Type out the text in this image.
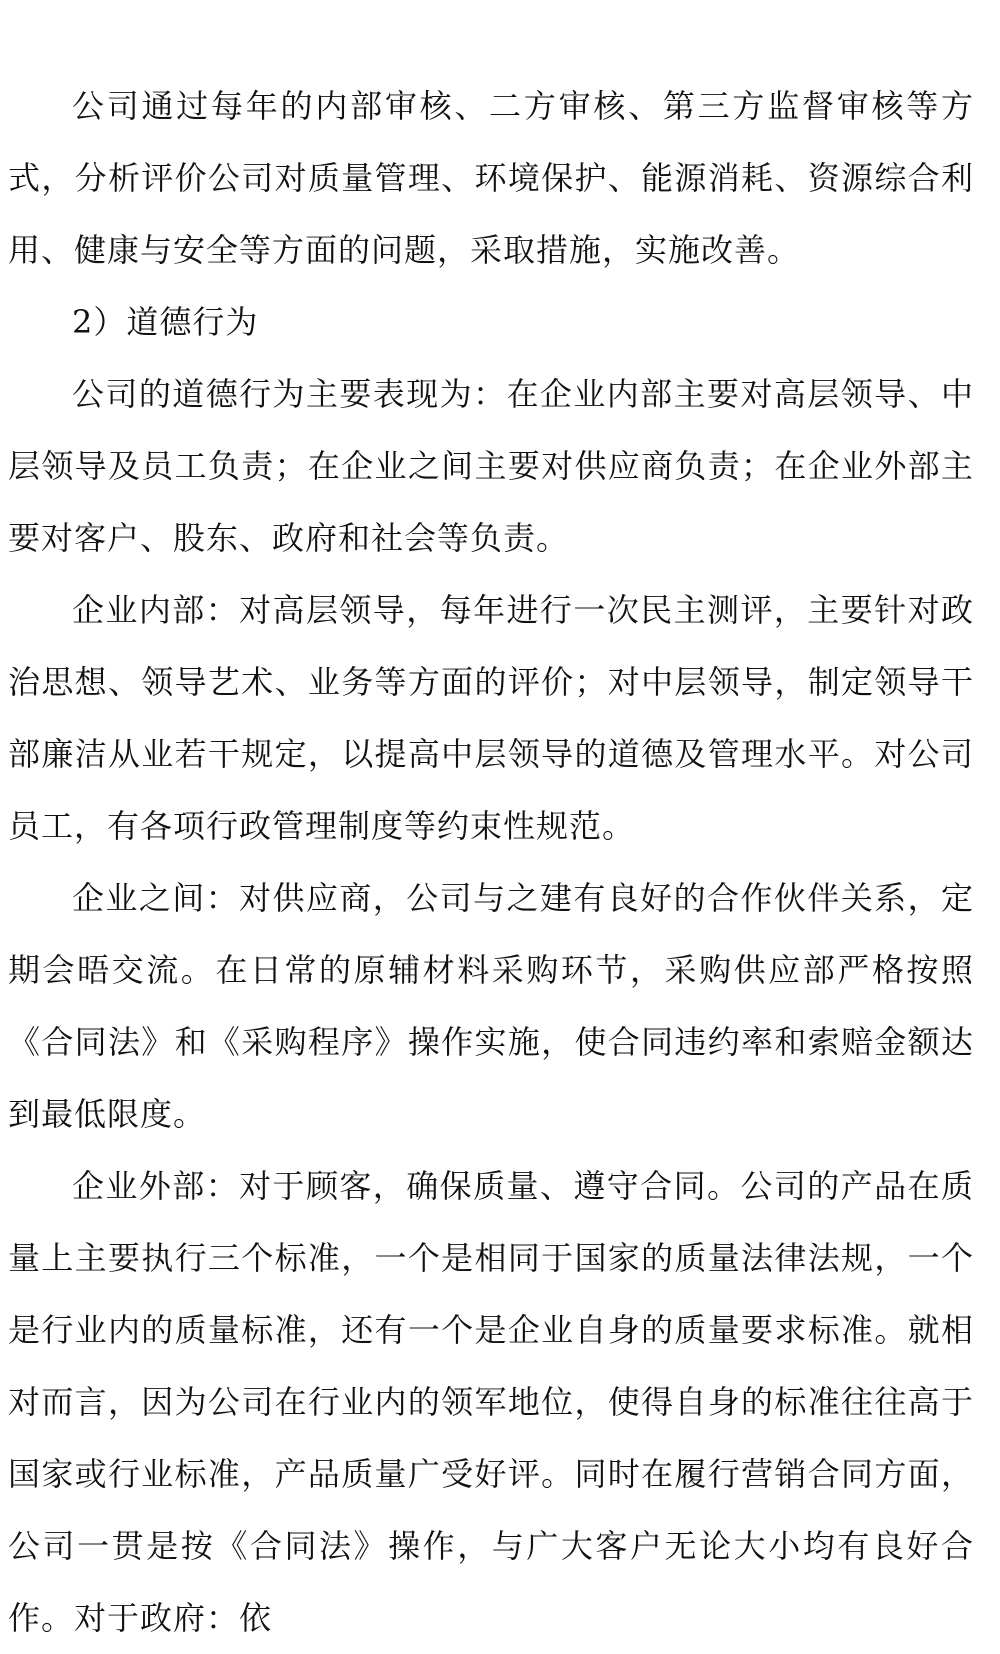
公司通过每年的内部审核、二方审核、第三方监督审核等方式，分析评价公司对质量管理、环境保护、能源消耗、资源综合利用、健康与安全等方面的问题，采取措施，实施改善。

2）道德行为

公司的道德行为主要表现为：在企业内部主要对高层领导、中层领导及员工负责；在企业之间主要对供应商负责；在企业外部主要对客户、股东、政府和社会等负责。

企业内部：对高层领导，每年进行一次民主测评，主要针对政治思想、领导艺术、业务等方面的评价；对中层领导，制定领导干部廉洁从业若干规定，以提高中层领导的道德及管理水平。对公司员工，有各项行政管理制度等约束性规范。

企业之间：对供应商，公司与之建有良好的合作伙伴关系，定期会晤交流。在日常的原辅材料采购环节，采购供应部严格按照《合同法》和《采购程序》操作实施，使合同违约率和索赔金额达到最低限度。

企业外部：对于顾客，确保质量、遵守合同。公司的产品在质量上主要执行三个标准，一个是相同于国家的质量法律法规，一个是行业内的质量标准，还有一个是企业自身的质量要求标准。就相对而言，因为公司在行业内的领军地位，使得自身的标准往往高于国家或行业标准，产品质量广受好评。同时在履行营销合同方面，公司一贯是按《合同法》操作，与广大客户无论大小均有良好合作。对于政府：依
